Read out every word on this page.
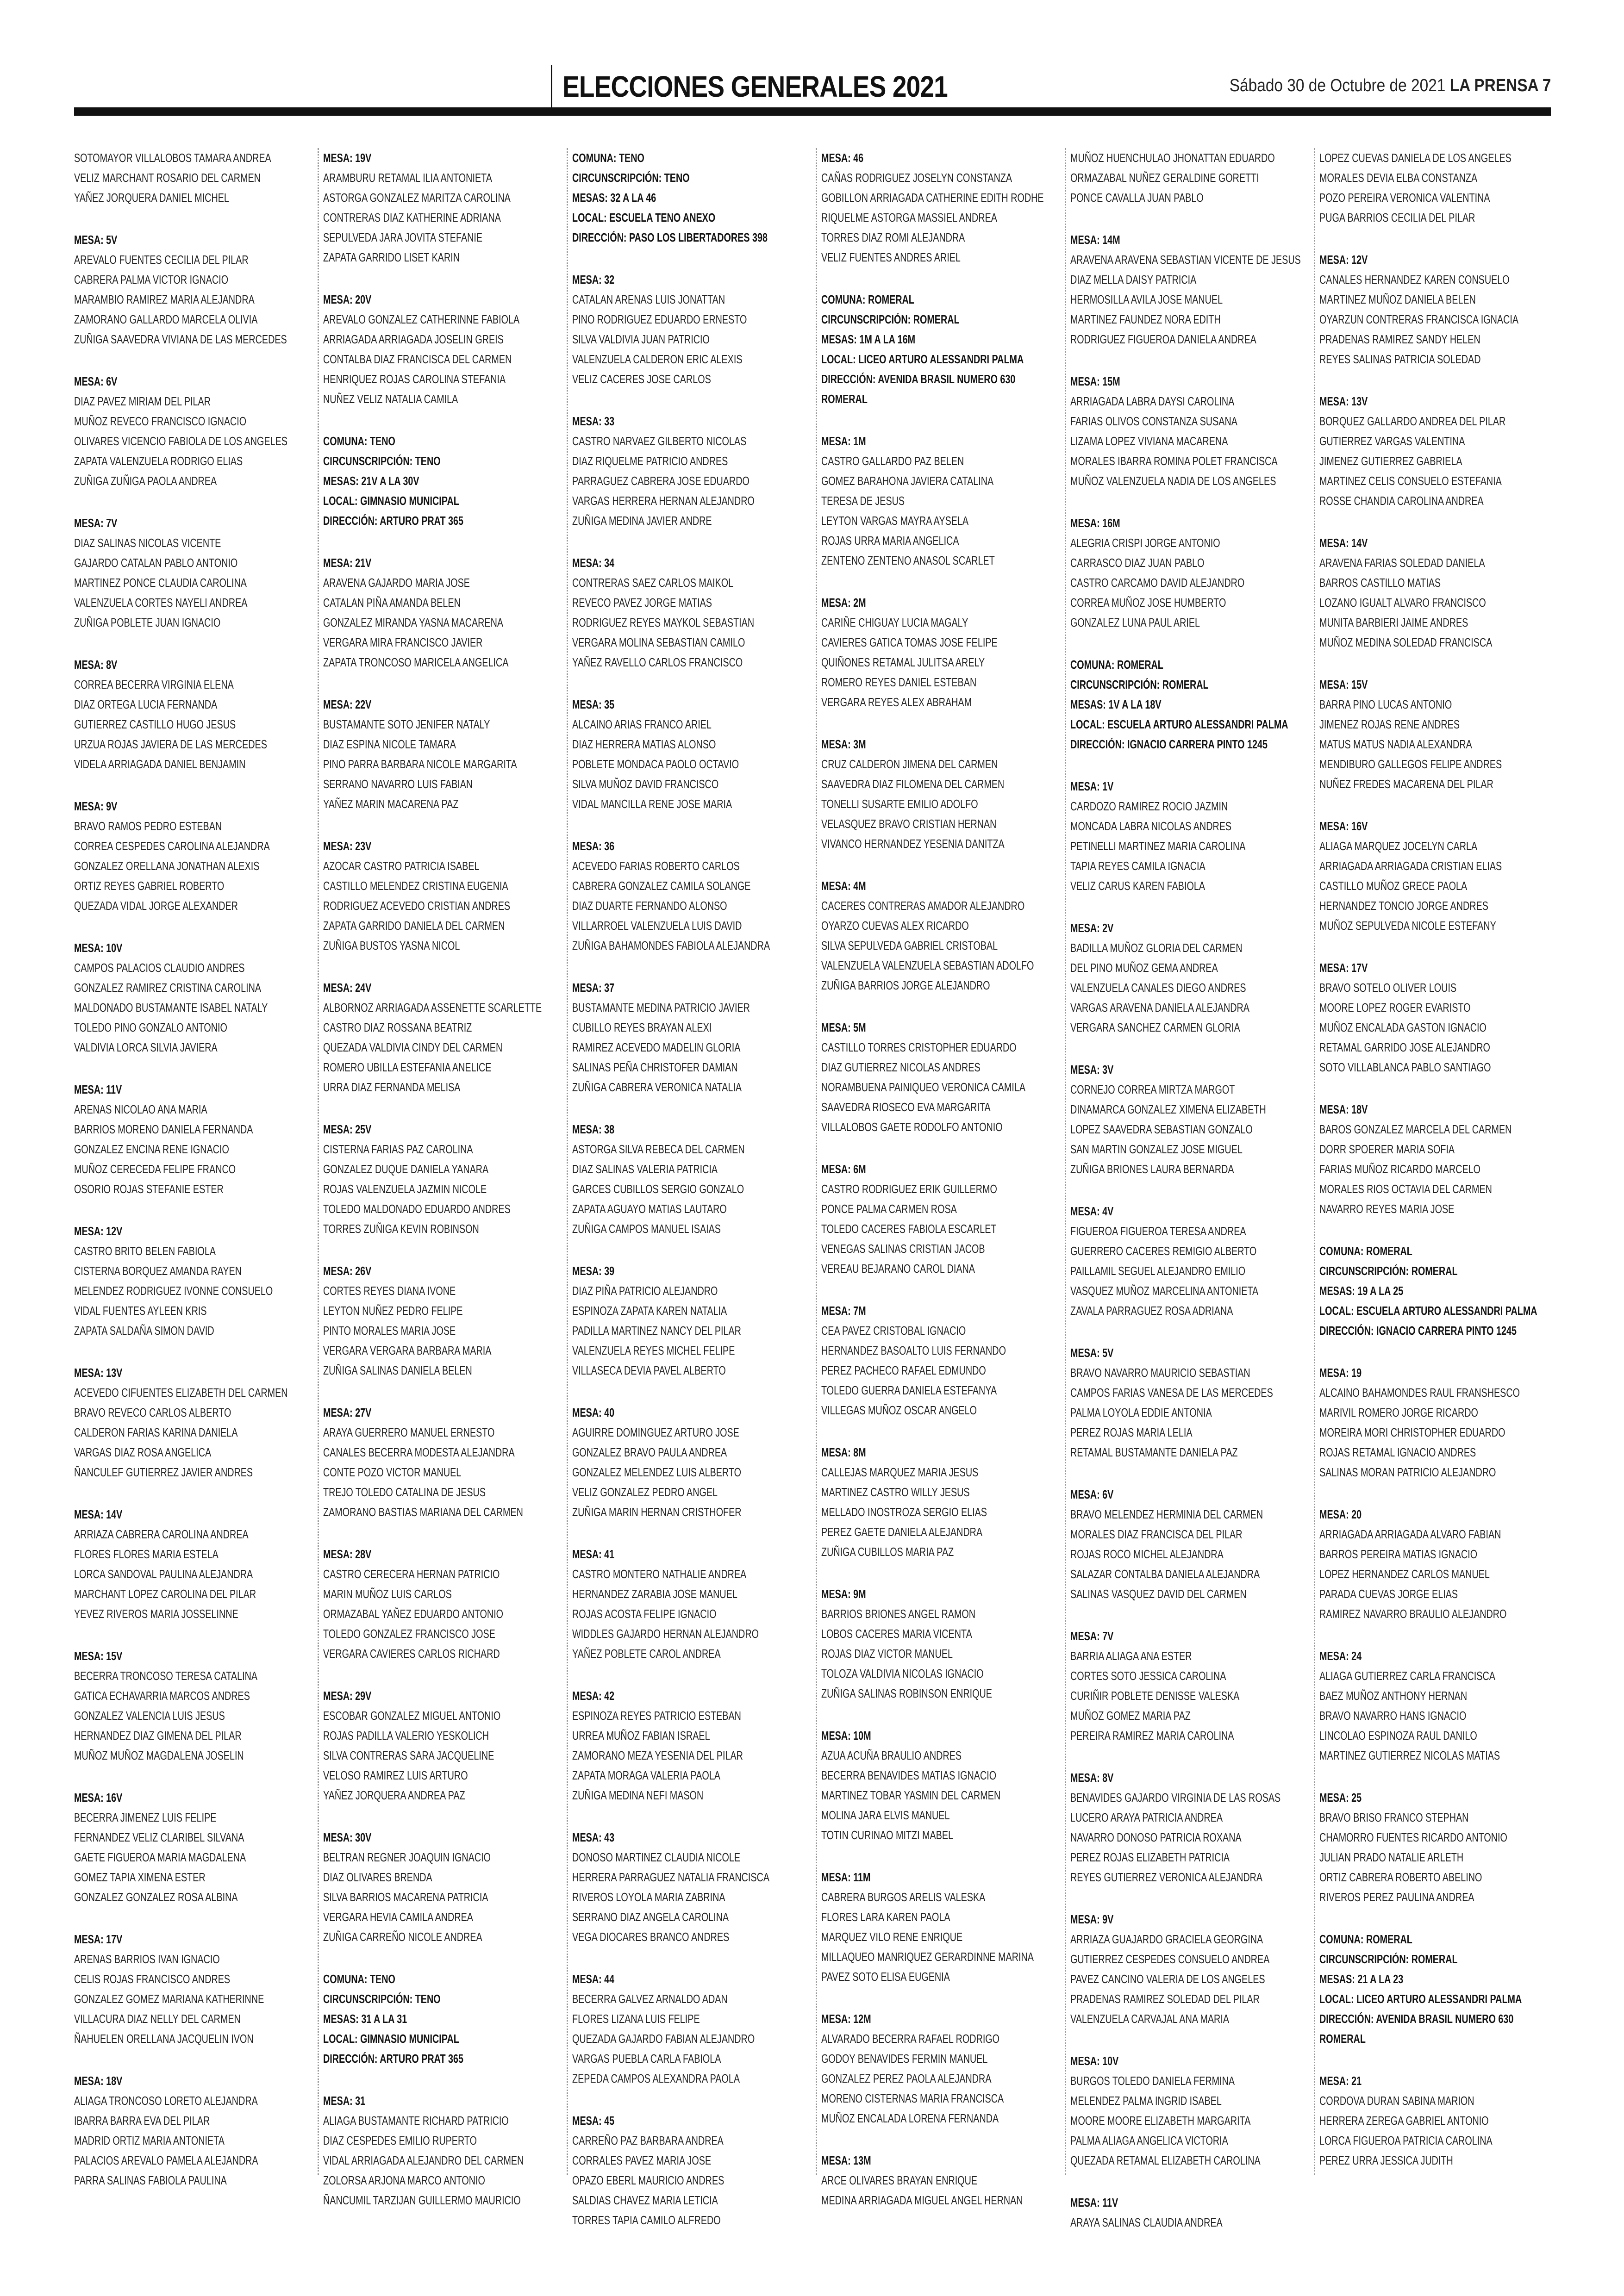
ELECCIONES GENERALES 2021	Sábado 30 de Octubre de 2021 LA PRENSA 7
SOTOMAYOR VILLALOBOS TAMARA ANDREA
VELIZ MARCHANT ROSARIO DEL CARMEN
YAÑEZ JORQUERA DANIEL MICHEL
MESA: 5V
AREVALO FUENTES CECILIA DEL PILAR
CABRERA PALMA VICTOR IGNACIO
MARAMBIO RAMIREZ MARIA ALEJANDRA
ZAMORANO GALLARDO MARCELA OLIVIA
ZUÑIGA SAAVEDRA VIVIANA DE LAS MERCEDES
MESA: 6V
DIAZ PAVEZ MIRIAM DEL PILAR
MUÑOZ REVECO FRANCISCO IGNACIO
OLIVARES VICENCIO FABIOLA DE LOS ANGELES
ZAPATA VALENZUELA RODRIGO ELIAS
ZUÑIGA ZUÑIGA PAOLA ANDREA
MESA: 7V
DIAZ SALINAS NICOLAS VICENTE
GAJARDO CATALAN PABLO ANTONIO
MARTINEZ PONCE CLAUDIA CAROLINA
VALENZUELA CORTES NAYELI ANDREA
ZUÑIGA POBLETE JUAN IGNACIO
MESA: 8V
CORREA BECERRA VIRGINIA ELENA
DIAZ ORTEGA LUCIA FERNANDA
GUTIERREZ CASTILLO HUGO JESUS
URZUA ROJAS JAVIERA DE LAS MERCEDES
VIDELA ARRIAGADA DANIEL BENJAMIN
MESA: 9V
BRAVO RAMOS PEDRO ESTEBAN
CORREA CESPEDES CAROLINA ALEJANDRA
GONZALEZ ORELLANA JONATHAN ALEXIS
ORTIZ REYES GABRIEL ROBERTO
QUEZADA VIDAL JORGE ALEXANDER
MESA: 10V
CAMPOS PALACIOS CLAUDIO ANDRES
GONZALEZ RAMIREZ CRISTINA CAROLINA
MALDONADO BUSTAMANTE ISABEL NATALY
TOLEDO PINO GONZALO ANTONIO
VALDIVIA LORCA SILVIA JAVIERA
MESA: 11V
ARENAS NICOLAO ANA MARIA
BARRIOS MORENO DANIELA FERNANDA
GONZALEZ ENCINA RENE IGNACIO
MUÑOZ CERECEDA FELIPE FRANCO
OSORIO ROJAS STEFANIE ESTER
MESA: 12V
CASTRO BRITO BELEN FABIOLA
CISTERNA BORQUEZ AMANDA RAYEN
MELENDEZ RODRIGUEZ IVONNE CONSUELO
VIDAL FUENTES AYLEEN KRIS
ZAPATA SALDAÑA SIMON DAVID
MESA: 13V
ACEVEDO CIFUENTES ELIZABETH DEL CARMEN
BRAVO REVECO CARLOS ALBERTO
CALDERON FARIAS KARINA DANIELA
VARGAS DIAZ ROSA ANGELICA
ÑANCULEF GUTIERREZ JAVIER ANDRES
MESA: 14V
ARRIAZA CABRERA CAROLINA ANDREA
FLORES FLORES MARIA ESTELA
LORCA SANDOVAL PAULINA ALEJANDRA
MARCHANT LOPEZ CAROLINA DEL PILAR
YEVEZ RIVEROS MARIA JOSSELINNE
MESA: 15V
BECERRA TRONCOSO TERESA CATALINA
GATICA ECHAVARRIA MARCOS ANDRES
GONZALEZ VALENCIA LUIS JESUS
HERNANDEZ DIAZ GIMENA DEL PILAR
MUÑOZ MUÑOZ MAGDALENA JOSELIN
MESA: 16V
BECERRA JIMENEZ LUIS FELIPE
FERNANDEZ VELIZ CLARIBEL SILVANA
GAETE FIGUEROA MARIA MAGDALENA
GOMEZ TAPIA XIMENA ESTER
GONZALEZ GONZALEZ ROSA ALBINA
MESA: 17V
ARENAS BARRIOS IVAN IGNACIO
CELIS ROJAS FRANCISCO ANDRES
GONZALEZ GOMEZ MARIANA KATHERINNE
VILLACURA DIAZ NELLY DEL CARMEN
ÑAHUELEN ORELLANA JACQUELIN IVON
MESA: 18V
ALIAGA TRONCOSO LORETO ALEJANDRA
IBARRA BARRA EVA DEL PILAR
MADRID ORTIZ MARIA ANTONIETA
PALACIOS AREVALO PAMELA ALEJANDRA
PARRA SALINAS FABIOLA PAULINA
MESA: 19V
ARAMBURU RETAMAL ILIA ANTONIETA
ASTORGA GONZALEZ MARITZA CAROLINA
CONTRERAS DIAZ KATHERINE ADRIANA
SEPULVEDA JARA JOVITA STEFANIE
ZAPATA GARRIDO LISET KARIN
MESA: 20V
AREVALO GONZALEZ CATHERINNE FABIOLA
ARRIAGADA ARRIAGADA JOSELIN GREIS
CONTALBA DIAZ FRANCISCA DEL CARMEN
HENRIQUEZ ROJAS CAROLINA STEFANIA
NUÑEZ VELIZ NATALIA CAMILA
COMUNA: TENO
CIRCUNSCRIPCIÓN: TENO
MESAS: 21V A LA 30V
LOCAL: GIMNASIO MUNICIPAL
DIRECCIÓN: ARTURO PRAT 365
MESA: 21V
ARAVENA GAJARDO MARIA JOSE
CATALAN PIÑA AMANDA BELEN
GONZALEZ MIRANDA YASNA MACARENA
VERGARA MIRA FRANCISCO JAVIER
ZAPATA TRONCOSO MARICELA ANGELICA
MESA: 22V
BUSTAMANTE SOTO JENIFER NATALY
DIAZ ESPINA NICOLE TAMARA
PINO PARRA BARBARA NICOLE MARGARITA
SERRANO NAVARRO LUIS FABIAN
YAÑEZ MARIN MACARENA PAZ
MESA: 23V
AZOCAR CASTRO PATRICIA ISABEL
CASTILLO MELENDEZ CRISTINA EUGENIA
RODRIGUEZ ACEVEDO CRISTIAN ANDRES
ZAPATA GARRIDO DANIELA DEL CARMEN
ZUÑIGA BUSTOS YASNA NICOL
MESA: 24V
ALBORNOZ ARRIAGADA ASSENETTE SCARLETTE
CASTRO DIAZ ROSSANA BEATRIZ
QUEZADA VALDIVIA CINDY DEL CARMEN
ROMERO UBILLA ESTEFANIA ANELICE
URRA DIAZ FERNANDA MELISA
MESA: 25V
CISTERNA FARIAS PAZ CAROLINA
GONZALEZ DUQUE DANIELA YANARA
ROJAS VALENZUELA JAZMIN NICOLE
TOLEDO MALDONADO EDUARDO ANDRES
TORRES ZUÑIGA KEVIN ROBINSON
MESA: 26V
CORTES REYES DIANA IVONE
LEYTON NUÑEZ PEDRO FELIPE
PINTO MORALES MARIA JOSE
VERGARA VERGARA BARBARA MARIA
ZUÑIGA SALINAS DANIELA BELEN
MESA: 27V
ARAYA GUERRERO MANUEL ERNESTO
CANALES BECERRA MODESTA ALEJANDRA
CONTE POZO VICTOR MANUEL
TREJO TOLEDO CATALINA DE JESUS
ZAMORANO BASTIAS MARIANA DEL CARMEN
MESA: 28V
CASTRO CERECERA HERNAN PATRICIO
MARIN MUÑOZ LUIS CARLOS
ORMAZABAL YAÑEZ EDUARDO ANTONIO
TOLEDO GONZALEZ FRANCISCO JOSE
VERGARA CAVIERES CARLOS RICHARD
MESA: 29V
ESCOBAR GONZALEZ MIGUEL ANTONIO
ROJAS PADILLA VALERIO YESKOLICH
SILVA CONTRERAS SARA JACQUELINE
VELOSO RAMIREZ LUIS ARTURO
YAÑEZ JORQUERA ANDREA PAZ
MESA: 30V
BELTRAN REGNER JOAQUIN IGNACIO
DIAZ OLIVARES BRENDA
SILVA BARRIOS MACARENA PATRICIA
VERGARA HEVIA CAMILA ANDREA
ZUÑIGA CARREÑO NICOLE ANDREA
COMUNA: TENO
CIRCUNSCRIPCIÓN: TENO
MESAS: 31 A LA 31
LOCAL: GIMNASIO MUNICIPAL
DIRECCIÓN: ARTURO PRAT 365
MESA: 31
ALIAGA BUSTAMANTE RICHARD PATRICIO
DIAZ CESPEDES EMILIO RUPERTO
VIDAL ARRIAGADA ALEJANDRO DEL CARMEN
ZOLORSA ARJONA MARCO ANTONIO
ÑANCUMIL TARZIJAN GUILLERMO MAURICIO
COMUNA: TENO
CIRCUNSCRIPCIÓN: TENO
MESAS: 32 A LA 46
LOCAL: ESCUELA TENO ANEXO
DIRECCIÓN: PASO LOS LIBERTADORES 398
MESA: 32
CATALAN ARENAS LUIS JONATTAN
PINO RODRIGUEZ EDUARDO ERNESTO
SILVA VALDIVIA JUAN PATRICIO
VALENZUELA CALDERON ERIC ALEXIS
VELIZ CACERES JOSE CARLOS
MESA: 33
CASTRO NARVAEZ GILBERTO NICOLAS
DIAZ RIQUELME PATRICIO ANDRES
PARRAGUEZ CABRERA JOSE EDUARDO
VARGAS HERRERA HERNAN ALEJANDRO
ZUÑIGA MEDINA JAVIER ANDRE
MESA: 34
CONTRERAS SAEZ CARLOS MAIKOL
REVECO PAVEZ JORGE MATIAS
RODRIGUEZ REYES MAYKOL SEBASTIAN
VERGARA MOLINA SEBASTIAN CAMILO
YAÑEZ RAVELLO CARLOS FRANCISCO
MESA: 35
ALCAINO ARIAS FRANCO ARIEL
DIAZ HERRERA MATIAS ALONSO
POBLETE MONDACA PAOLO OCTAVIO
SILVA MUÑOZ DAVID FRANCISCO
VIDAL MANCILLA RENE JOSE MARIA
MESA: 36
ACEVEDO FARIAS ROBERTO CARLOS
CABRERA GONZALEZ CAMILA SOLANGE
DIAZ DUARTE FERNANDO ALONSO
VILLARROEL VALENZUELA LUIS DAVID
ZUÑIGA BAHAMONDES FABIOLA ALEJANDRA
MESA: 37
BUSTAMANTE MEDINA PATRICIO JAVIER
CUBILLO REYES BRAYAN ALEXI
RAMIREZ ACEVEDO MADELIN GLORIA
SALINAS PEÑA CHRISTOFER DAMIAN
ZUÑIGA CABRERA VERONICA NATALIA
MESA: 38
ASTORGA SILVA REBECA DEL CARMEN
DIAZ SALINAS VALERIA PATRICIA
GARCES CUBILLOS SERGIO GONZALO
ZAPATA AGUAYO MATIAS LAUTARO
ZUÑIGA CAMPOS MANUEL ISAIAS
MESA: 39
DIAZ PIÑA PATRICIO ALEJANDRO
ESPINOZA ZAPATA KAREN NATALIA
PADILLA MARTINEZ NANCY DEL PILAR
VALENZUELA REYES MICHEL FELIPE
VILLASECA DEVIA PAVEL ALBERTO
MESA: 40
AGUIRRE DOMINGUEZ ARTURO JOSE
GONZALEZ BRAVO PAULA ANDREA
GONZALEZ MELENDEZ LUIS ALBERTO
VELIZ GONZALEZ PEDRO ANGEL
ZUÑIGA MARIN HERNAN CRISTHOFER
MESA: 41
CASTRO MONTERO NATHALIE ANDREA
HERNANDEZ ZARABIA JOSE MANUEL
ROJAS ACOSTA FELIPE IGNACIO
WIDDLES GAJARDO HERNAN ALEJANDRO
YAÑEZ POBLETE CAROL ANDREA
MESA: 42
ESPINOZA REYES PATRICIO ESTEBAN
URREA MUÑOZ FABIAN ISRAEL
ZAMORANO MEZA YESENIA DEL PILAR
ZAPATA MORAGA VALERIA PAOLA
ZUÑIGA MEDINA NEFI MASON
MESA: 43
DONOSO MARTINEZ CLAUDIA NICOLE
HERRERA PARRAGUEZ NATALIA FRANCISCA
RIVEROS LOYOLA MARIA ZABRINA
SERRANO DIAZ ANGELA CAROLINA
VEGA DIOCARES BRANCO ANDRES
MESA: 44
BECERRA GALVEZ ARNALDO ADAN
FLORES LIZANA LUIS FELIPE
QUEZADA GAJARDO FABIAN ALEJANDRO
VARGAS PUEBLA CARLA FABIOLA
ZEPEDA CAMPOS ALEXANDRA PAOLA
MESA: 45
CARREÑO PAZ BARBARA ANDREA
CORRALES PAVEZ MARIA JOSE
OPAZO EBERL MAURICIO ANDRES
SALDIAS CHAVEZ MARIA LETICIA
TORRES TAPIA CAMILO ALFREDO
MESA: 46
CAÑAS RODRIGUEZ JOSELYN CONSTANZA
GOBILLON ARRIAGADA CATHERINE EDITH RODHE
RIQUELME ASTORGA MASSIEL ANDREA
TORRES DIAZ ROMI ALEJANDRA
VELIZ FUENTES ANDRES ARIEL
COMUNA: ROMERAL
CIRCUNSCRIPCIÓN: ROMERAL
MESAS: 1M A LA 16M
LOCAL: LICEO ARTURO ALESSANDRI PALMA
DIRECCIÓN: AVENIDA BRASIL NUMERO 630
ROMERAL
MESA: 1M
CASTRO GALLARDO PAZ BELEN
GOMEZ BARAHONA JAVIERA CATALINA
TERESA DE JESUS
LEYTON VARGAS MAYRA AYSELA
ROJAS URRA MARIA ANGELICA
ZENTENO ZENTENO ANASOL SCARLET
MESA: 2M
CARIÑE CHIGUAY LUCIA MAGALY
CAVIERES GATICA TOMAS JOSE FELIPE
QUIÑONES RETAMAL JULITSA ARELY
ROMERO REYES DANIEL ESTEBAN
VERGARA REYES ALEX ABRAHAM
MESA: 3M
CRUZ CALDERON JIMENA DEL CARMEN
SAAVEDRA DIAZ FILOMENA DEL CARMEN
TONELLI SUSARTE EMILIO ADOLFO
VELASQUEZ BRAVO CRISTIAN HERNAN
VIVANCO HERNANDEZ YESENIA DANITZA
MESA: 4M
CACERES CONTRERAS AMADOR ALEJANDRO
OYARZO CUEVAS ALEX RICARDO
SILVA SEPULVEDA GABRIEL CRISTOBAL
VALENZUELA VALENZUELA SEBASTIAN ADOLFO
ZUÑIGA BARRIOS JORGE ALEJANDRO
MESA: 5M
CASTILLO TORRES CRISTOPHER EDUARDO
DIAZ GUTIERREZ NICOLAS ANDRES
NORAMBUENA PAINIQUEO VERONICA CAMILA
SAAVEDRA RIOSECO EVA MARGARITA
VILLALOBOS GAETE RODOLFO ANTONIO
MESA: 6M
CASTRO RODRIGUEZ ERIK GUILLERMO
PONCE PALMA CARMEN ROSA
TOLEDO CACERES FABIOLA ESCARLET
VENEGAS SALINAS CRISTIAN JACOB
VEREAU BEJARANO CAROL DIANA
MESA: 7M
CEA PAVEZ CRISTOBAL IGNACIO
HERNANDEZ BASOALTO LUIS FERNANDO
PEREZ PACHECO RAFAEL EDMUNDO
TOLEDO GUERRA DANIELA ESTEFANYA
VILLEGAS MUÑOZ OSCAR ANGELO
MESA: 8M
CALLEJAS MARQUEZ MARIA JESUS
MARTINEZ CASTRO WILLY JESUS
MELLADO INOSTROZA SERGIO ELIAS
PEREZ GAETE DANIELA ALEJANDRA
ZUÑIGA CUBILLOS MARIA PAZ
MESA: 9M
BARRIOS BRIONES ANGEL RAMON
LOBOS CACERES MARIA VICENTA
ROJAS DIAZ VICTOR MANUEL
TOLOZA VALDIVIA NICOLAS IGNACIO
ZUÑIGA SALINAS ROBINSON ENRIQUE
MESA: 10M
AZUA ACUÑA BRAULIO ANDRES
BECERRA BENAVIDES MATIAS IGNACIO
MARTINEZ TOBAR YASMIN DEL CARMEN
MOLINA JARA ELVIS MANUEL
TOTIN CURINAO MITZI MABEL
MESA: 11M
CABRERA BURGOS ARELIS VALESKA
FLORES LARA KAREN PAOLA
MARQUEZ VILO RENE ENRIQUE
MILLAQUEO MANRIQUEZ GERARDINNE MARINA
PAVEZ SOTO ELISA EUGENIA
MESA: 12M
ALVARADO BECERRA RAFAEL RODRIGO
GODOY BENAVIDES FERMIN MANUEL
GONZALEZ PEREZ PAOLA ALEJANDRA
MORENO CISTERNAS MARIA FRANCISCA
MUÑOZ ENCALADA LORENA FERNANDA
MESA: 13M
ARCE OLIVARES BRAYAN ENRIQUE
MEDINA ARRIAGADA MIGUEL ANGEL HERNAN
MUÑOZ HUENCHULAO JHONATTAN EDUARDO
ORMAZABAL NUÑEZ GERALDINE GORETTI
PONCE CAVALLA JUAN PABLO
MESA: 14M
ARAVENA ARAVENA SEBASTIAN VICENTE DE JESUS
DIAZ MELLA DAISY PATRICIA
HERMOSILLA AVILA JOSE MANUEL
MARTINEZ FAUNDEZ NORA EDITH
RODRIGUEZ FIGUEROA DANIELA ANDREA
MESA: 15M
ARRIAGADA LABRA DAYSI CAROLINA
FARIAS OLIVOS CONSTANZA SUSANA
LIZAMA LOPEZ VIVIANA MACARENA
MORALES IBARRA ROMINA POLET FRANCISCA
MUÑOZ VALENZUELA NADIA DE LOS ANGELES
MESA: 16M
ALEGRIA CRISPI JORGE ANTONIO
CARRASCO DIAZ JUAN PABLO
CASTRO CARCAMO DAVID ALEJANDRO
CORREA MUÑOZ JOSE HUMBERTO
GONZALEZ LUNA PAUL ARIEL
COMUNA: ROMERAL
CIRCUNSCRIPCIÓN: ROMERAL
MESAS: 1V A LA 18V
LOCAL: ESCUELA ARTURO ALESSANDRI PALMA
DIRECCIÓN: IGNACIO CARRERA PINTO 1245
MESA: 1V
CARDOZO RAMIREZ ROCIO JAZMIN
MONCADA LABRA NICOLAS ANDRES
PETINELLI MARTINEZ MARIA CAROLINA
TAPIA REYES CAMILA IGNACIA
VELIZ CARUS KAREN FABIOLA
MESA: 2V
BADILLA MUÑOZ GLORIA DEL CARMEN
DEL PINO MUÑOZ GEMA ANDREA
VALENZUELA CANALES DIEGO ANDRES
VARGAS ARAVENA DANIELA ALEJANDRA
VERGARA SANCHEZ CARMEN GLORIA
MESA: 3V
CORNEJO CORREA MIRTZA MARGOT
DINAMARCA GONZALEZ XIMENA ELIZABETH
LOPEZ SAAVEDRA SEBASTIAN GONZALO
SAN MARTIN GONZALEZ JOSE MIGUEL
ZUÑIGA BRIONES LAURA BERNARDA
MESA: 4V
FIGUEROA FIGUEROA TERESA ANDREA
GUERRERO CACERES REMIGIO ALBERTO
PAILLAMIL SEGUEL ALEJANDRO EMILIO
VASQUEZ MUÑOZ MARCELINA ANTONIETA
ZAVALA PARRAGUEZ ROSA ADRIANA
MESA: 5V
BRAVO NAVARRO MAURICIO SEBASTIAN
CAMPOS FARIAS VANESA DE LAS MERCEDES
PALMA LOYOLA EDDIE ANTONIA
PEREZ ROJAS MARIA LELIA
RETAMAL BUSTAMANTE DANIELA PAZ
MESA: 6V
BRAVO MELENDEZ HERMINIA DEL CARMEN
MORALES DIAZ FRANCISCA DEL PILAR
ROJAS ROCO MICHEL ALEJANDRA
SALAZAR CONTALBA DANIELA ALEJANDRA
SALINAS VASQUEZ DAVID DEL CARMEN
MESA: 7V
BARRIA ALIAGA ANA ESTER
CORTES SOTO JESSICA CAROLINA
CURIÑIR POBLETE DENISSE VALESKA
MUÑOZ GOMEZ MARIA PAZ
PEREIRA RAMIREZ MARIA CAROLINA
MESA: 8V
BENAVIDES GAJARDO VIRGINIA DE LAS ROSAS
LUCERO ARAYA PATRICIA ANDREA
NAVARRO DONOSO PATRICIA ROXANA
PEREZ ROJAS ELIZABETH PATRICIA
REYES GUTIERREZ VERONICA ALEJANDRA
MESA: 9V
ARRIAZA GUAJARDO GRACIELA GEORGINA
GUTIERREZ CESPEDES CONSUELO ANDREA
PAVEZ CANCINO VALERIA DE LOS ANGELES
PRADENAS RAMIREZ SOLEDAD DEL PILAR
VALENZUELA CARVAJAL ANA MARIA
MESA: 10V
BURGOS TOLEDO DANIELA FERMINA
MELENDEZ PALMA INGRID ISABEL
MOORE MOORE ELIZABETH MARGARITA
PALMA ALIAGA ANGELICA VICTORIA
QUEZADA RETAMAL ELIZABETH CAROLINA
MESA: 11V
ARAYA SALINAS CLAUDIA ANDREA
LOPEZ CUEVAS DANIELA DE LOS ANGELES
MORALES DEVIA ELBA CONSTANZA
POZO PEREIRA VERONICA VALENTINA
PUGA BARRIOS CECILIA DEL PILAR
MESA: 12V
CANALES HERNANDEZ KAREN CONSUELO
MARTINEZ MUÑOZ DANIELA BELEN
OYARZUN CONTRERAS FRANCISCA IGNACIA
PRADENAS RAMIREZ SANDY HELEN
REYES SALINAS PATRICIA SOLEDAD
MESA: 13V
BORQUEZ GALLARDO ANDREA DEL PILAR
GUTIERREZ VARGAS VALENTINA
JIMENEZ GUTIERREZ GABRIELA
MARTINEZ CELIS CONSUELO ESTEFANIA
ROSSE CHANDIA CAROLINA ANDREA
MESA: 14V
ARAVENA FARIAS SOLEDAD DANIELA
BARROS CASTILLO MATIAS
LOZANO IGUALT ALVARO FRANCISCO
MUNITA BARBIERI JAIME ANDRES
MUÑOZ MEDINA SOLEDAD FRANCISCA
MESA: 15V
BARRA PINO LUCAS ANTONIO
JIMENEZ ROJAS RENE ANDRES
MATUS MATUS NADIA ALEXANDRA
MENDIBURO GALLEGOS FELIPE ANDRES
NUÑEZ FREDES MACARENA DEL PILAR
MESA: 16V
ALIAGA MARQUEZ JOCELYN CARLA
ARRIAGADA ARRIAGADA CRISTIAN ELIAS
CASTILLO MUÑOZ GRECE PAOLA
HERNANDEZ TONCIO JORGE ANDRES
MUÑOZ SEPULVEDA NICOLE ESTEFANY
MESA: 17V
BRAVO SOTELO OLIVER LOUIS
MOORE LOPEZ ROGER EVARISTO
MUÑOZ ENCALADA GASTON IGNACIO
RETAMAL GARRIDO JOSE ALEJANDRO
SOTO VILLABLANCA PABLO SANTIAGO
MESA: 18V
BAROS GONZALEZ MARCELA DEL CARMEN
DORR SPOERER MARIA SOFIA
FARIAS MUÑOZ RICARDO MARCELO
MORALES RIOS OCTAVIA DEL CARMEN
NAVARRO REYES MARIA JOSE
COMUNA: ROMERAL
CIRCUNSCRIPCIÓN: ROMERAL
MESAS: 19 A LA 25
LOCAL: ESCUELA ARTURO ALESSANDRI PALMA
DIRECCIÓN: IGNACIO CARRERA PINTO 1245
MESA: 19
ALCAINO BAHAMONDES RAUL FRANSHESCO
MARIVIL ROMERO JORGE RICARDO
MOREIRA MORI CHRISTOPHER EDUARDO
ROJAS RETAMAL IGNACIO ANDRES
SALINAS MORAN PATRICIO ALEJANDRO
MESA: 20
ARRIAGADA ARRIAGADA ALVARO FABIAN
BARROS PEREIRA MATIAS IGNACIO
LOPEZ HERNANDEZ CARLOS MANUEL
PARADA CUEVAS JORGE ELIAS
RAMIREZ NAVARRO BRAULIO ALEJANDRO
MESA: 24
ALIAGA GUTIERREZ CARLA FRANCISCA
BAEZ MUÑOZ ANTHONY HERNAN
BRAVO NAVARRO HANS IGNACIO
LINCOLAO ESPINOZA RAUL DANILO
MARTINEZ GUTIERREZ NICOLAS MATIAS
MESA: 25
BRAVO BRISO FRANCO STEPHAN
CHAMORRO FUENTES RICARDO ANTONIO
JULIAN PRADO NATALIE ARLETH
ORTIZ CABRERA ROBERTO ABELINO
RIVEROS PEREZ PAULINA ANDREA
COMUNA: ROMERAL
CIRCUNSCRIPCIÓN: ROMERAL
MESAS: 21 A LA 23
LOCAL: LICEO ARTURO ALESSANDRI PALMA
DIRECCIÓN: AVENIDA BRASIL NUMERO 630
ROMERAL
MESA: 21
CORDOVA DURAN SABINA MARION
HERRERA ZEREGA GABRIEL ANTONIO
LORCA FIGUEROA PATRICIA CAROLINA
PEREZ URRA JESSICA JUDITH
